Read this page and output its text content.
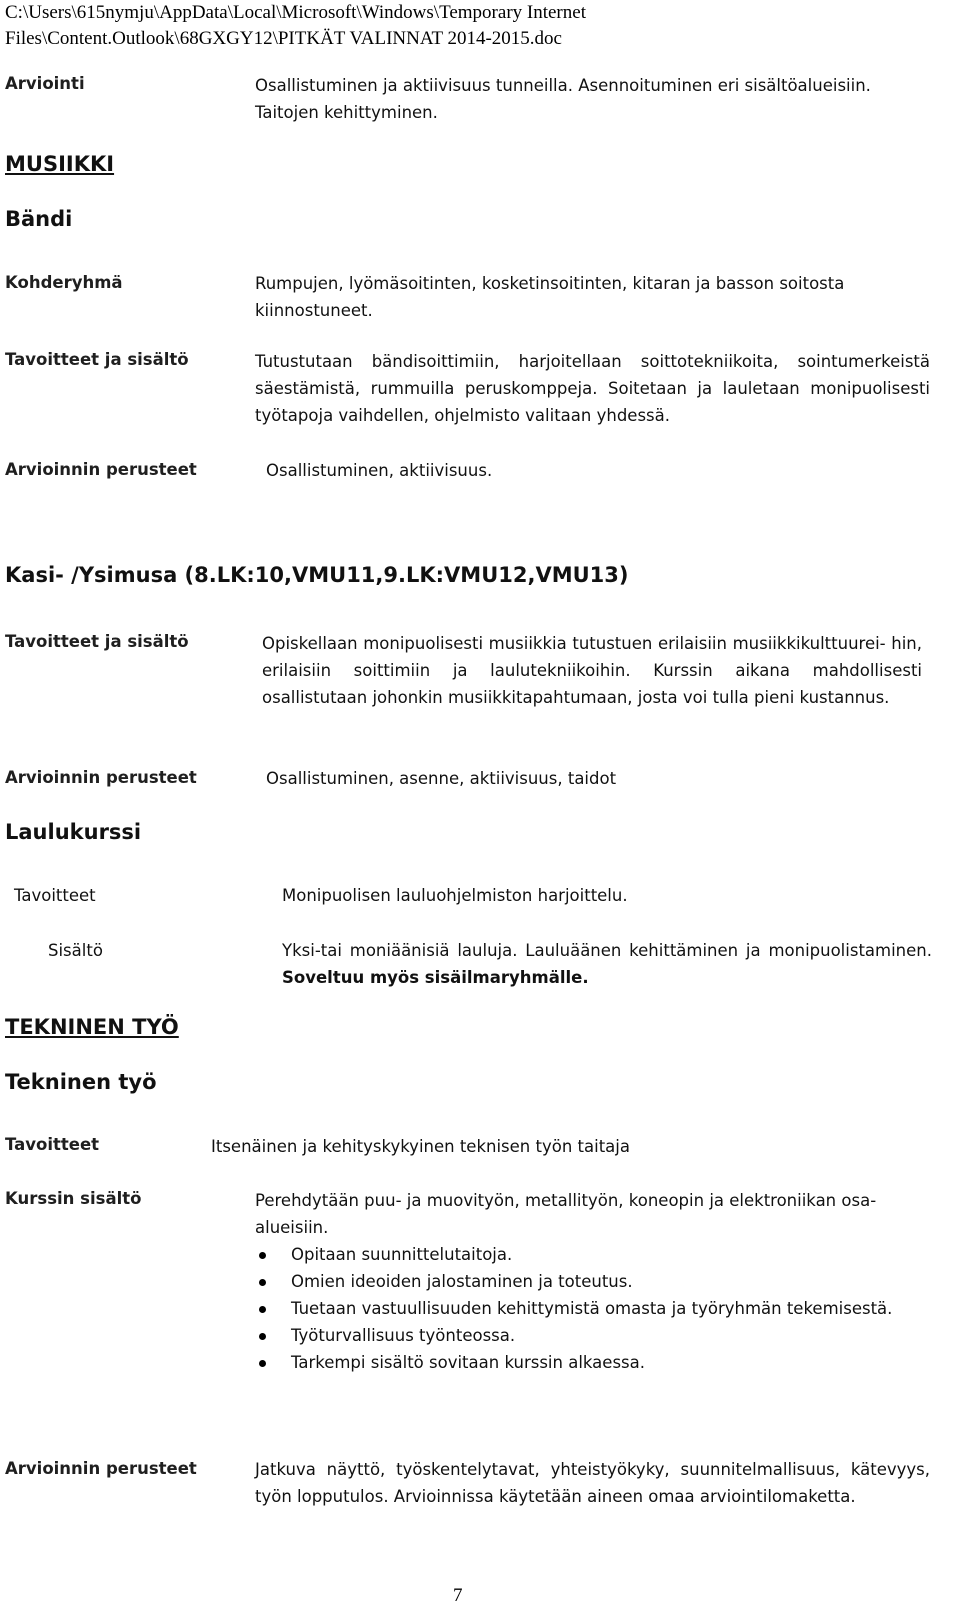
C:\Users\615nymju\AppData\Local\Microsoft\Windows\Temporary Internet
Files\Content.Outlook\68GXGY12\PITKÄT VALINNAT 2014-2015.doc
Arviointi	Osallistuminen ja aktiivisuus tunneilla. Asennoituminen eri sisältöalueisiin. Taitojen kehittyminen.
MUSIIKKI
Bändi
Kohderyhmä	Rumpujen, lyömäsoitinten, kosketinsoitinten, kitaran ja basson soitosta kiinnostuneet.
Tavoitteet ja sisältö	Tutustutaan bändisoittimiin, harjoitellaan soittotekniikoita, sointumerkeistä säestämistä, rummuilla peruskomppeja. Soitetaan ja lauletaan monipuolisesti työtapoja vaihdellen, ohjelmisto valitaan yhdessä.
Arvioinnin perusteet	Osallistuminen, aktiivisuus.
Kasi- /Ysimusa (8.LK:10,VMU11,9.LK:VMU12,VMU13)
Tavoitteet ja sisältö	Opiskellaan monipuolisesti musiikkia tutustuen erilaisiin musiikkikulttuurei- hin, erilaisiin soittimiin ja laulutekniikoihin. Kurssin aikana mahdollisesti osallistutaan johonkin musiikkitapahtumaan, josta voi tulla pieni kustannus.
Arvioinnin perusteet	Osallistuminen, asenne, aktiivisuus, taidot
Laulukurssi
Tavoitteet	Monipuolisen lauluohjelmiston harjoittelu.
Sisältö	Yksi-tai moniäänisiä lauluja. Lauluäänen kehittäminen ja monipuolistaminen. Soveltuu myös sisäilmaryhmälle.
TEKNINEN TYÖ
Tekninen työ
Tavoitteet	Itsenäinen ja kehityskykyinen teknisen työn taitaja
Kurssin sisältö	Perehdytään puu- ja muovityön, metallityön, koneopin ja elektroniikan osa-alueisiin.
Opitaan suunnittelutaitoja.
Omien ideoiden jalostaminen ja toteutus.
Tuetaan vastuullisuuden kehittymistä omasta ja työryhmän tekemisestä.
Työturvallisuus työnteossa.
Tarkempi sisältö sovitaan kurssin alkaessa.
Arvioinnin perusteet	Jatkuva näyttö, työskentelytavat, yhteistyökyky, suunnitelmallisuus, kätevyys, työn lopputulos. Arvioinnissa käytetään aineen omaa arviointilomaketta.
7
